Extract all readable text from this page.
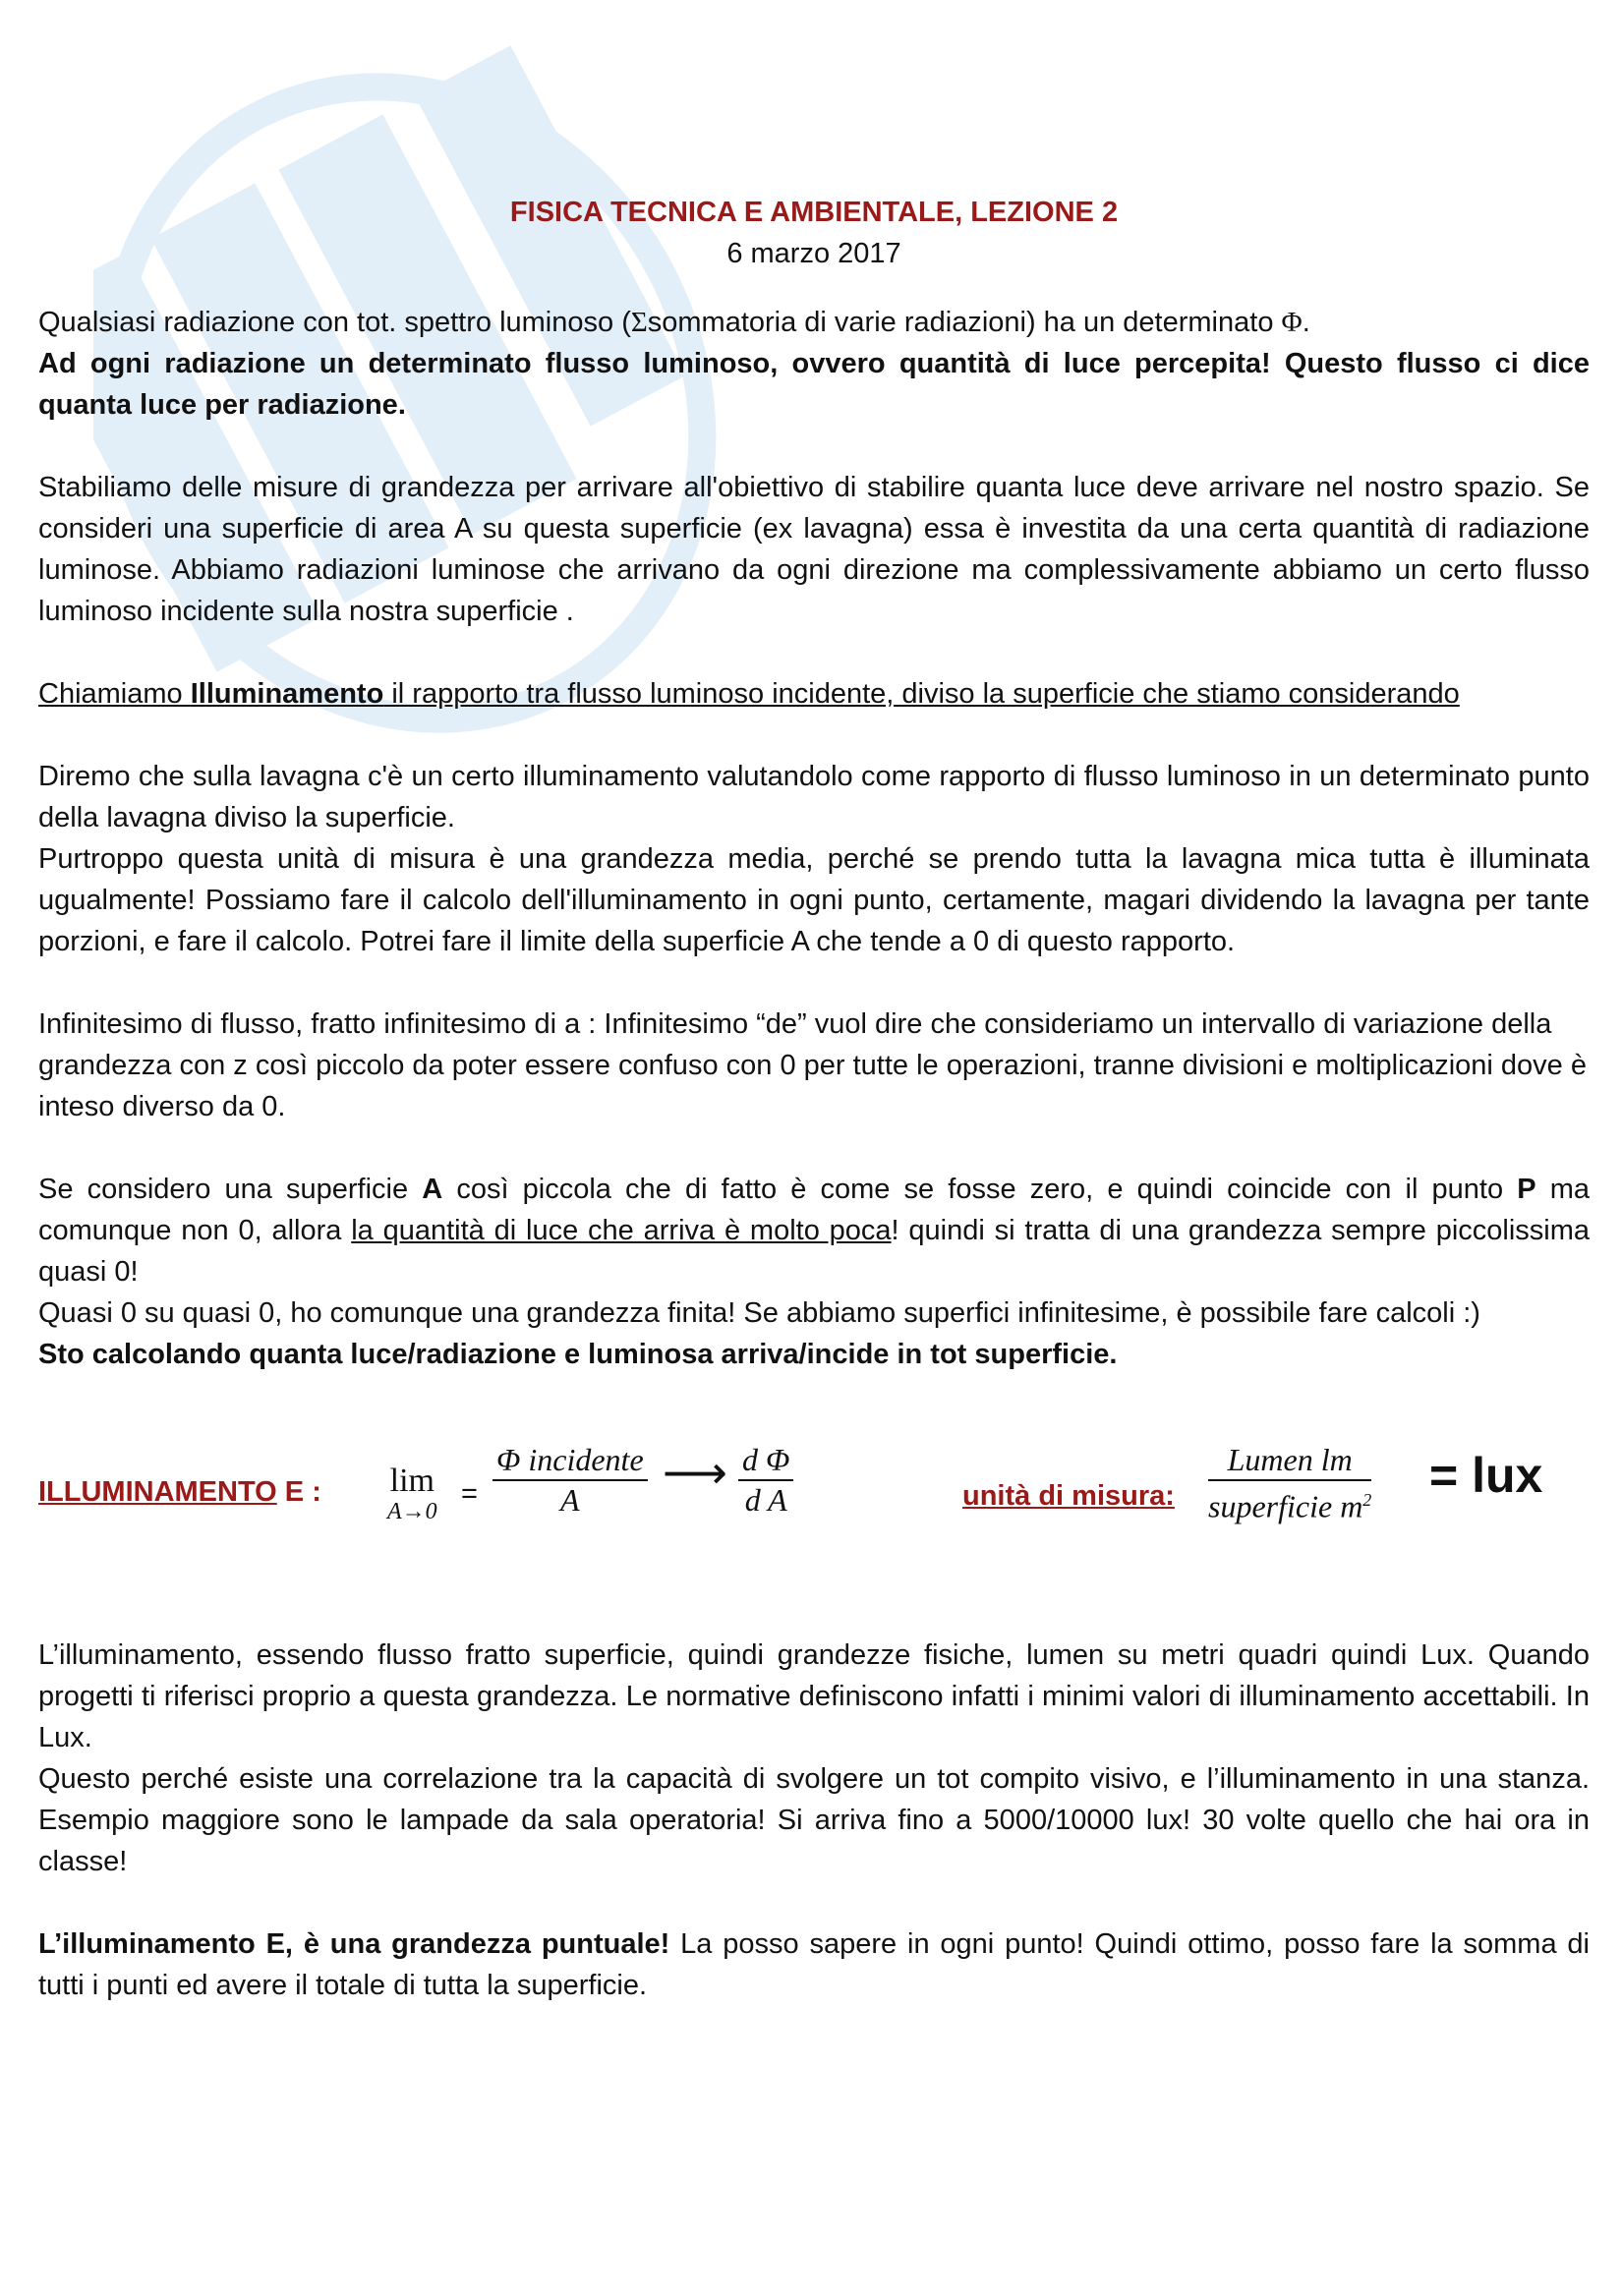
FISICA TECNICA E AMBIENTALE, LEZIONE 2
6 marzo 2017

Qualsiasi radiazione con tot. spettro luminoso (Σsommatoria di varie radiazioni) ha un determinato Φ.

Ad ogni radiazione un determinato flusso luminoso, ovvero quantità di luce percepita! Questo flusso ci dice quanta luce per radiazione.

Stabiliamo delle misure di grandezza per arrivare all'obiettivo di stabilire quanta luce deve arrivare nel nostro spazio. Se consideri una superficie di area A su questa superficie (ex lavagna) essa è investita da una certa quantità di radiazione luminose. Abbiamo radiazioni luminose che arrivano da ogni direzione ma complessivamente abbiamo un certo flusso luminoso incidente sulla nostra superficie .

Chiamiamo Illuminamento il rapporto tra flusso luminoso incidente, diviso la superficie che stiamo considerando

Diremo che sulla lavagna c'è un certo illuminamento valutandolo come rapporto di flusso luminoso in un determinato punto della lavagna diviso la superficie.

Purtroppo questa unità di misura è una grandezza media, perché se prendo tutta la lavagna mica tutta è illuminata ugualmente! Possiamo fare il calcolo dell'illuminamento in ogni punto, certamente, magari dividendo la lavagna per tante porzioni, e fare il calcolo. Potrei fare il limite della superficie A che tende a 0 di questo rapporto.

Infinitesimo di flusso, fratto infinitesimo di a : Infinitesimo “de” vuol dire che consideriamo un intervallo di variazione della grandezza con z così piccolo da poter essere confuso con 0 per tutte le operazioni, tranne divisioni e moltiplicazioni dove è inteso diverso da 0.

Se considero una superficie A così piccola che di fatto è come se fosse zero, e quindi coincide con il punto P ma comunque non 0, allora la quantità di luce che arriva è molto poca! quindi si tratta di una grandezza sempre piccolissima quasi 0!

Quasi 0 su quasi 0, ho comunque una grandezza finita! Se abbiamo superfici infinitesime, è possibile fare calcoli :)

Sto calcolando quanta luce/radiazione e luminosa arriva/incide in tot superficie.

ILLUMINAMENTO E : lim
A→0
=
Φ incidente
A
⟶ $\frac{\text{d Φ}}{\text{d A}}$	unità di misura:
Lumen lm
superficie $m^2$ = lux

L’illuminamento, essendo flusso fratto superficie, quindi grandezze fisiche, lumen su metri quadri quindi Lux. Quando progetti ti riferisci proprio a questa grandezza. Le normative definiscono infatti i minimi valori di illuminamento accettabili. In Lux.

Questo perché esiste una correlazione tra la capacità di svolgere un tot compito visivo, e l’illuminamento in una stanza. Esempio maggiore sono le lampade da sala operatoria! Si arriva fino a 5000/10000 lux! 30 volte quello che hai ora in classe!

L’illuminamento E, è una grandezza puntuale! La posso sapere in ogni punto! Quindi ottimo, posso fare la somma di tutti i punti ed avere il totale di tutta la superficie.
